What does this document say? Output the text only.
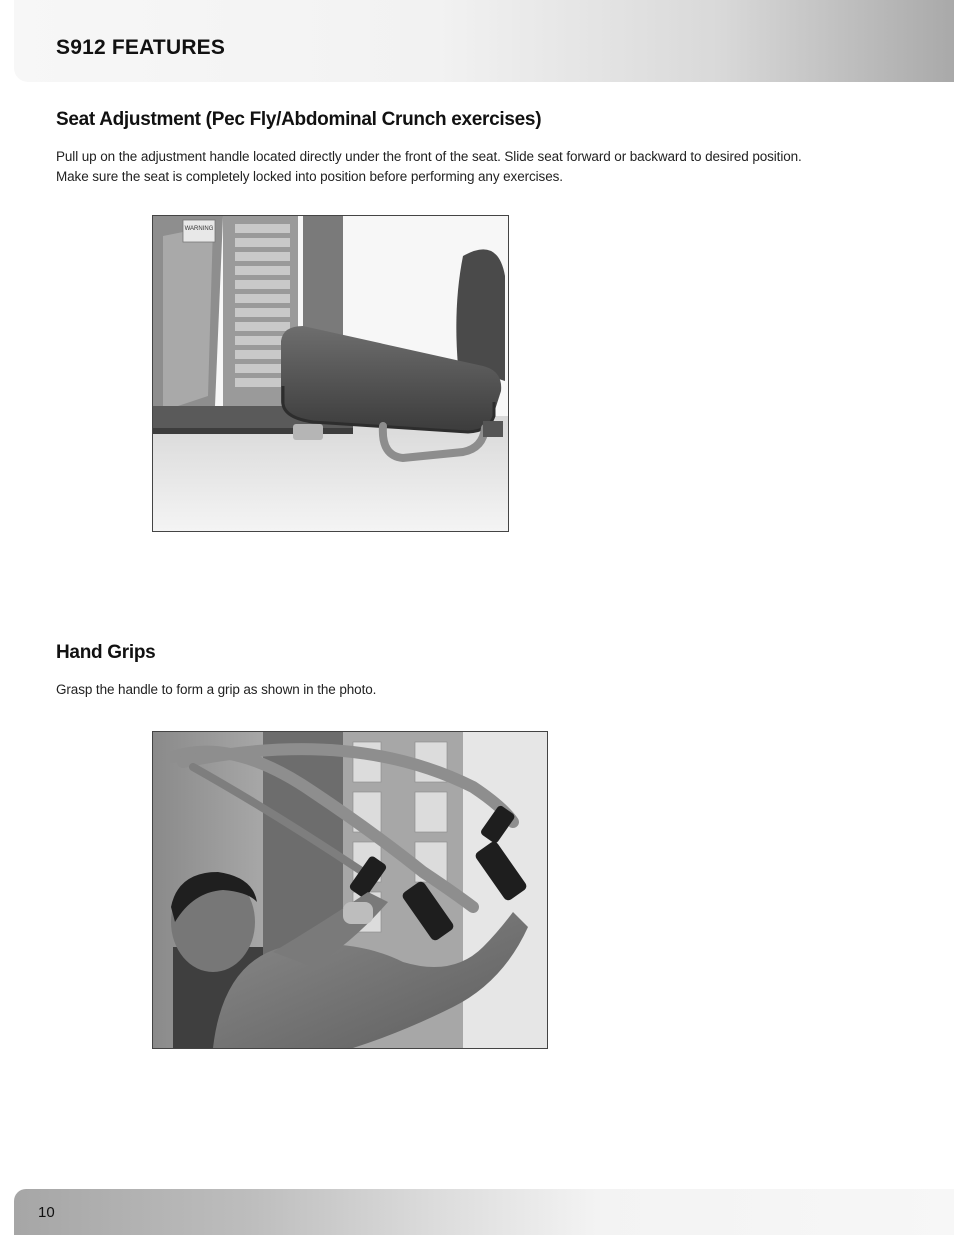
S912 FEATURES
Seat Adjustment (Pec Fly/Abdominal Crunch exercises)

Pull up on the adjustment handle located directly under the front of the seat. Slide seat forward or backward to desired position.
Make sure the seat is completely locked into position before performing any exercises.

WARNING
Hand Grips

Grasp the handle to form a grip as shown in the photo.

10
